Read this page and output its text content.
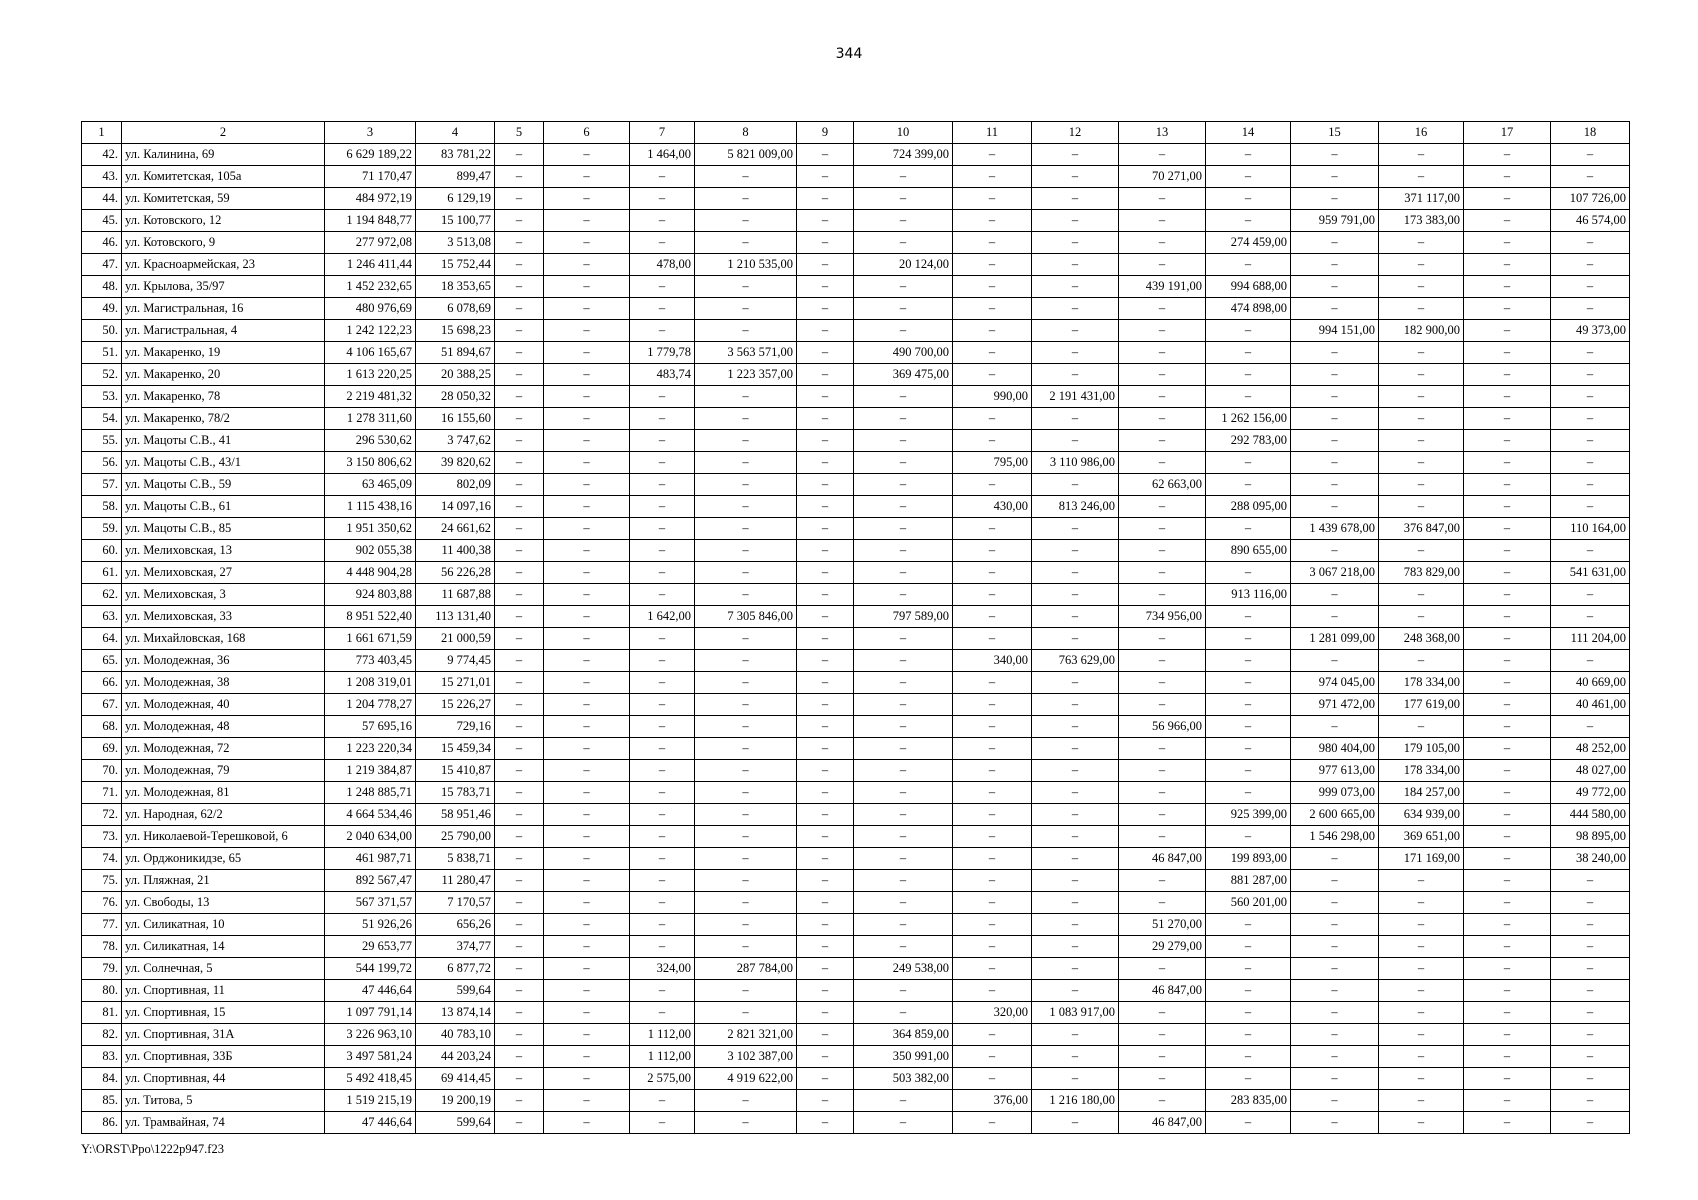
344
1	2	3	4	5	6	7	8	9	10	11	12	13	14	15	16	17	18
42.	ул. Калинина, 69	6 629 189,22	83 781,22	–	–	1 464,00	5 821 009,00	–	724 399,00	–	–	–	–	–	–	–	–
43.	ул. Комитетская, 105а	71 170,47	899,47	–	–	–	–	–	–	–	–	70 271,00	–	–	–	–	–
44.	ул. Комитетская, 59	484 972,19	6 129,19	–	–	–	–	–	–	–	–	–	–	–	371 117,00	–	107 726,00
45.	ул. Котовского, 12	1 194 848,77	15 100,77	–	–	–	–	–	–	–	–	–	–	959 791,00	173 383,00	–	46 574,00
46.	ул. Котовского, 9	277 972,08	3 513,08	–	–	–	–	–	–	–	–	–	274 459,00	–	–	–	–
47.	ул. Красноармейская, 23	1 246 411,44	15 752,44	–	–	478,00	1 210 535,00	–	20 124,00	–	–	–	–	–	–	–	–
48.	ул. Крылова, 35/97	1 452 232,65	18 353,65	–	–	–	–	–	–	–	–	439 191,00	994 688,00	–	–	–	–
49.	ул. Магистральная, 16	480 976,69	6 078,69	–	–	–	–	–	–	–	–	–	474 898,00	–	–	–	–
50.	ул. Магистральная, 4	1 242 122,23	15 698,23	–	–	–	–	–	–	–	–	–	–	994 151,00	182 900,00	–	49 373,00
51.	ул. Макаренко, 19	4 106 165,67	51 894,67	–	–	1 779,78	3 563 571,00	–	490 700,00	–	–	–	–	–	–	–	–
52.	ул. Макаренко, 20	1 613 220,25	20 388,25	–	–	483,74	1 223 357,00	–	369 475,00	–	–	–	–	–	–	–	–
53.	ул. Макаренко, 78	2 219 481,32	28 050,32	–	–	–	–	–	–	990,00	2 191 431,00	–	–	–	–	–	–
54.	ул. Макаренко, 78/2	1 278 311,60	16 155,60	–	–	–	–	–	–	–	–	–	1 262 156,00	–	–	–	–
55.	ул. Мацоты С.В., 41	296 530,62	3 747,62	–	–	–	–	–	–	–	–	–	292 783,00	–	–	–	–
56.	ул. Мацоты С.В., 43/1	3 150 806,62	39 820,62	–	–	–	–	–	–	795,00	3 110 986,00	–	–	–	–	–	–
57.	ул. Мацоты С.В., 59	63 465,09	802,09	–	–	–	–	–	–	–	–	62 663,00	–	–	–	–	–
58.	ул. Мацоты С.В., 61	1 115 438,16	14 097,16	–	–	–	–	–	–	430,00	813 246,00	–	288 095,00	–	–	–	–
59.	ул. Мацоты С.В., 85	1 951 350,62	24 661,62	–	–	–	–	–	–	–	–	–	–	1 439 678,00	376 847,00	–	110 164,00
60.	ул. Мелиховская, 13	902 055,38	11 400,38	–	–	–	–	–	–	–	–	–	890 655,00	–	–	–	–
61.	ул. Мелиховская, 27	4 448 904,28	56 226,28	–	–	–	–	–	–	–	–	–	–	3 067 218,00	783 829,00	–	541 631,00
62.	ул. Мелиховская, 3	924 803,88	11 687,88	–	–	–	–	–	–	–	–	–	913 116,00	–	–	–	–
63.	ул. Мелиховская, 33	8 951 522,40	113 131,40	–	–	1 642,00	7 305 846,00	–	797 589,00	–	–	734 956,00	–	–	–	–	–
64.	ул. Михайловская, 168	1 661 671,59	21 000,59	–	–	–	–	–	–	–	–	–	–	1 281 099,00	248 368,00	–	111 204,00
65.	ул. Молодежная, 36	773 403,45	9 774,45	–	–	–	–	–	–	340,00	763 629,00	–	–	–	–	–	–
66.	ул. Молодежная, 38	1 208 319,01	15 271,01	–	–	–	–	–	–	–	–	–	–	974 045,00	178 334,00	–	40 669,00
67.	ул. Молодежная, 40	1 204 778,27	15 226,27	–	–	–	–	–	–	–	–	–	–	971 472,00	177 619,00	–	40 461,00
68.	ул. Молодежная, 48	57 695,16	729,16	–	–	–	–	–	–	–	–	56 966,00	–	–	–	–	–
69.	ул. Молодежная, 72	1 223 220,34	15 459,34	–	–	–	–	–	–	–	–	–	–	980 404,00	179 105,00	–	48 252,00
70.	ул. Молодежная, 79	1 219 384,87	15 410,87	–	–	–	–	–	–	–	–	–	–	977 613,00	178 334,00	–	48 027,00
71.	ул. Молодежная, 81	1 248 885,71	15 783,71	–	–	–	–	–	–	–	–	–	–	999 073,00	184 257,00	–	49 772,00
72.	ул. Народная, 62/2	4 664 534,46	58 951,46	–	–	–	–	–	–	–	–	–	925 399,00	2 600 665,00	634 939,00	–	444 580,00
73.	ул. Николаевой-Терешковой, 6	2 040 634,00	25 790,00	–	–	–	–	–	–	–	–	–	–	1 546 298,00	369 651,00	–	98 895,00
74.	ул. Орджоникидзе, 65	461 987,71	5 838,71	–	–	–	–	–	–	–	–	46 847,00	199 893,00	–	171 169,00	–	38 240,00
75.	ул. Пляжная, 21	892 567,47	11 280,47	–	–	–	–	–	–	–	–	–	881 287,00	–	–	–	–
76.	ул. Свободы, 13	567 371,57	7 170,57	–	–	–	–	–	–	–	–	–	560 201,00	–	–	–	–
77.	ул. Силикатная, 10	51 926,26	656,26	–	–	–	–	–	–	–	–	51 270,00	–	–	–	–	–
78.	ул. Силикатная, 14	29 653,77	374,77	–	–	–	–	–	–	–	–	29 279,00	–	–	–	–	–
79.	ул. Солнечная, 5	544 199,72	6 877,72	–	–	324,00	287 784,00	–	249 538,00	–	–	–	–	–	–	–	–
80.	ул. Спортивная, 11	47 446,64	599,64	–	–	–	–	–	–	–	–	46 847,00	–	–	–	–	–
81.	ул. Спортивная, 15	1 097 791,14	13 874,14	–	–	–	–	–	–	320,00	1 083 917,00	–	–	–	–	–	–
82.	ул. Спортивная, 31А	3 226 963,10	40 783,10	–	–	1 112,00	2 821 321,00	–	364 859,00	–	–	–	–	–	–	–	–
83.	ул. Спортивная, 33Б	3 497 581,24	44 203,24	–	–	1 112,00	3 102 387,00	–	350 991,00	–	–	–	–	–	–	–	–
84.	ул. Спортивная, 44	5 492 418,45	69 414,45	–	–	2 575,00	4 919 622,00	–	503 382,00	–	–	–	–	–	–	–	–
85.	ул. Титова, 5	1 519 215,19	19 200,19	–	–	–	–	–	–	376,00	1 216 180,00	–	283 835,00	–	–	–	–
86.	ул. Трамвайная, 74	47 446,64	599,64	–	–	–	–	–	–	–	–	46 847,00	–	–	–	–	–
Y:\ORST\Ppo\1222p947.f23
